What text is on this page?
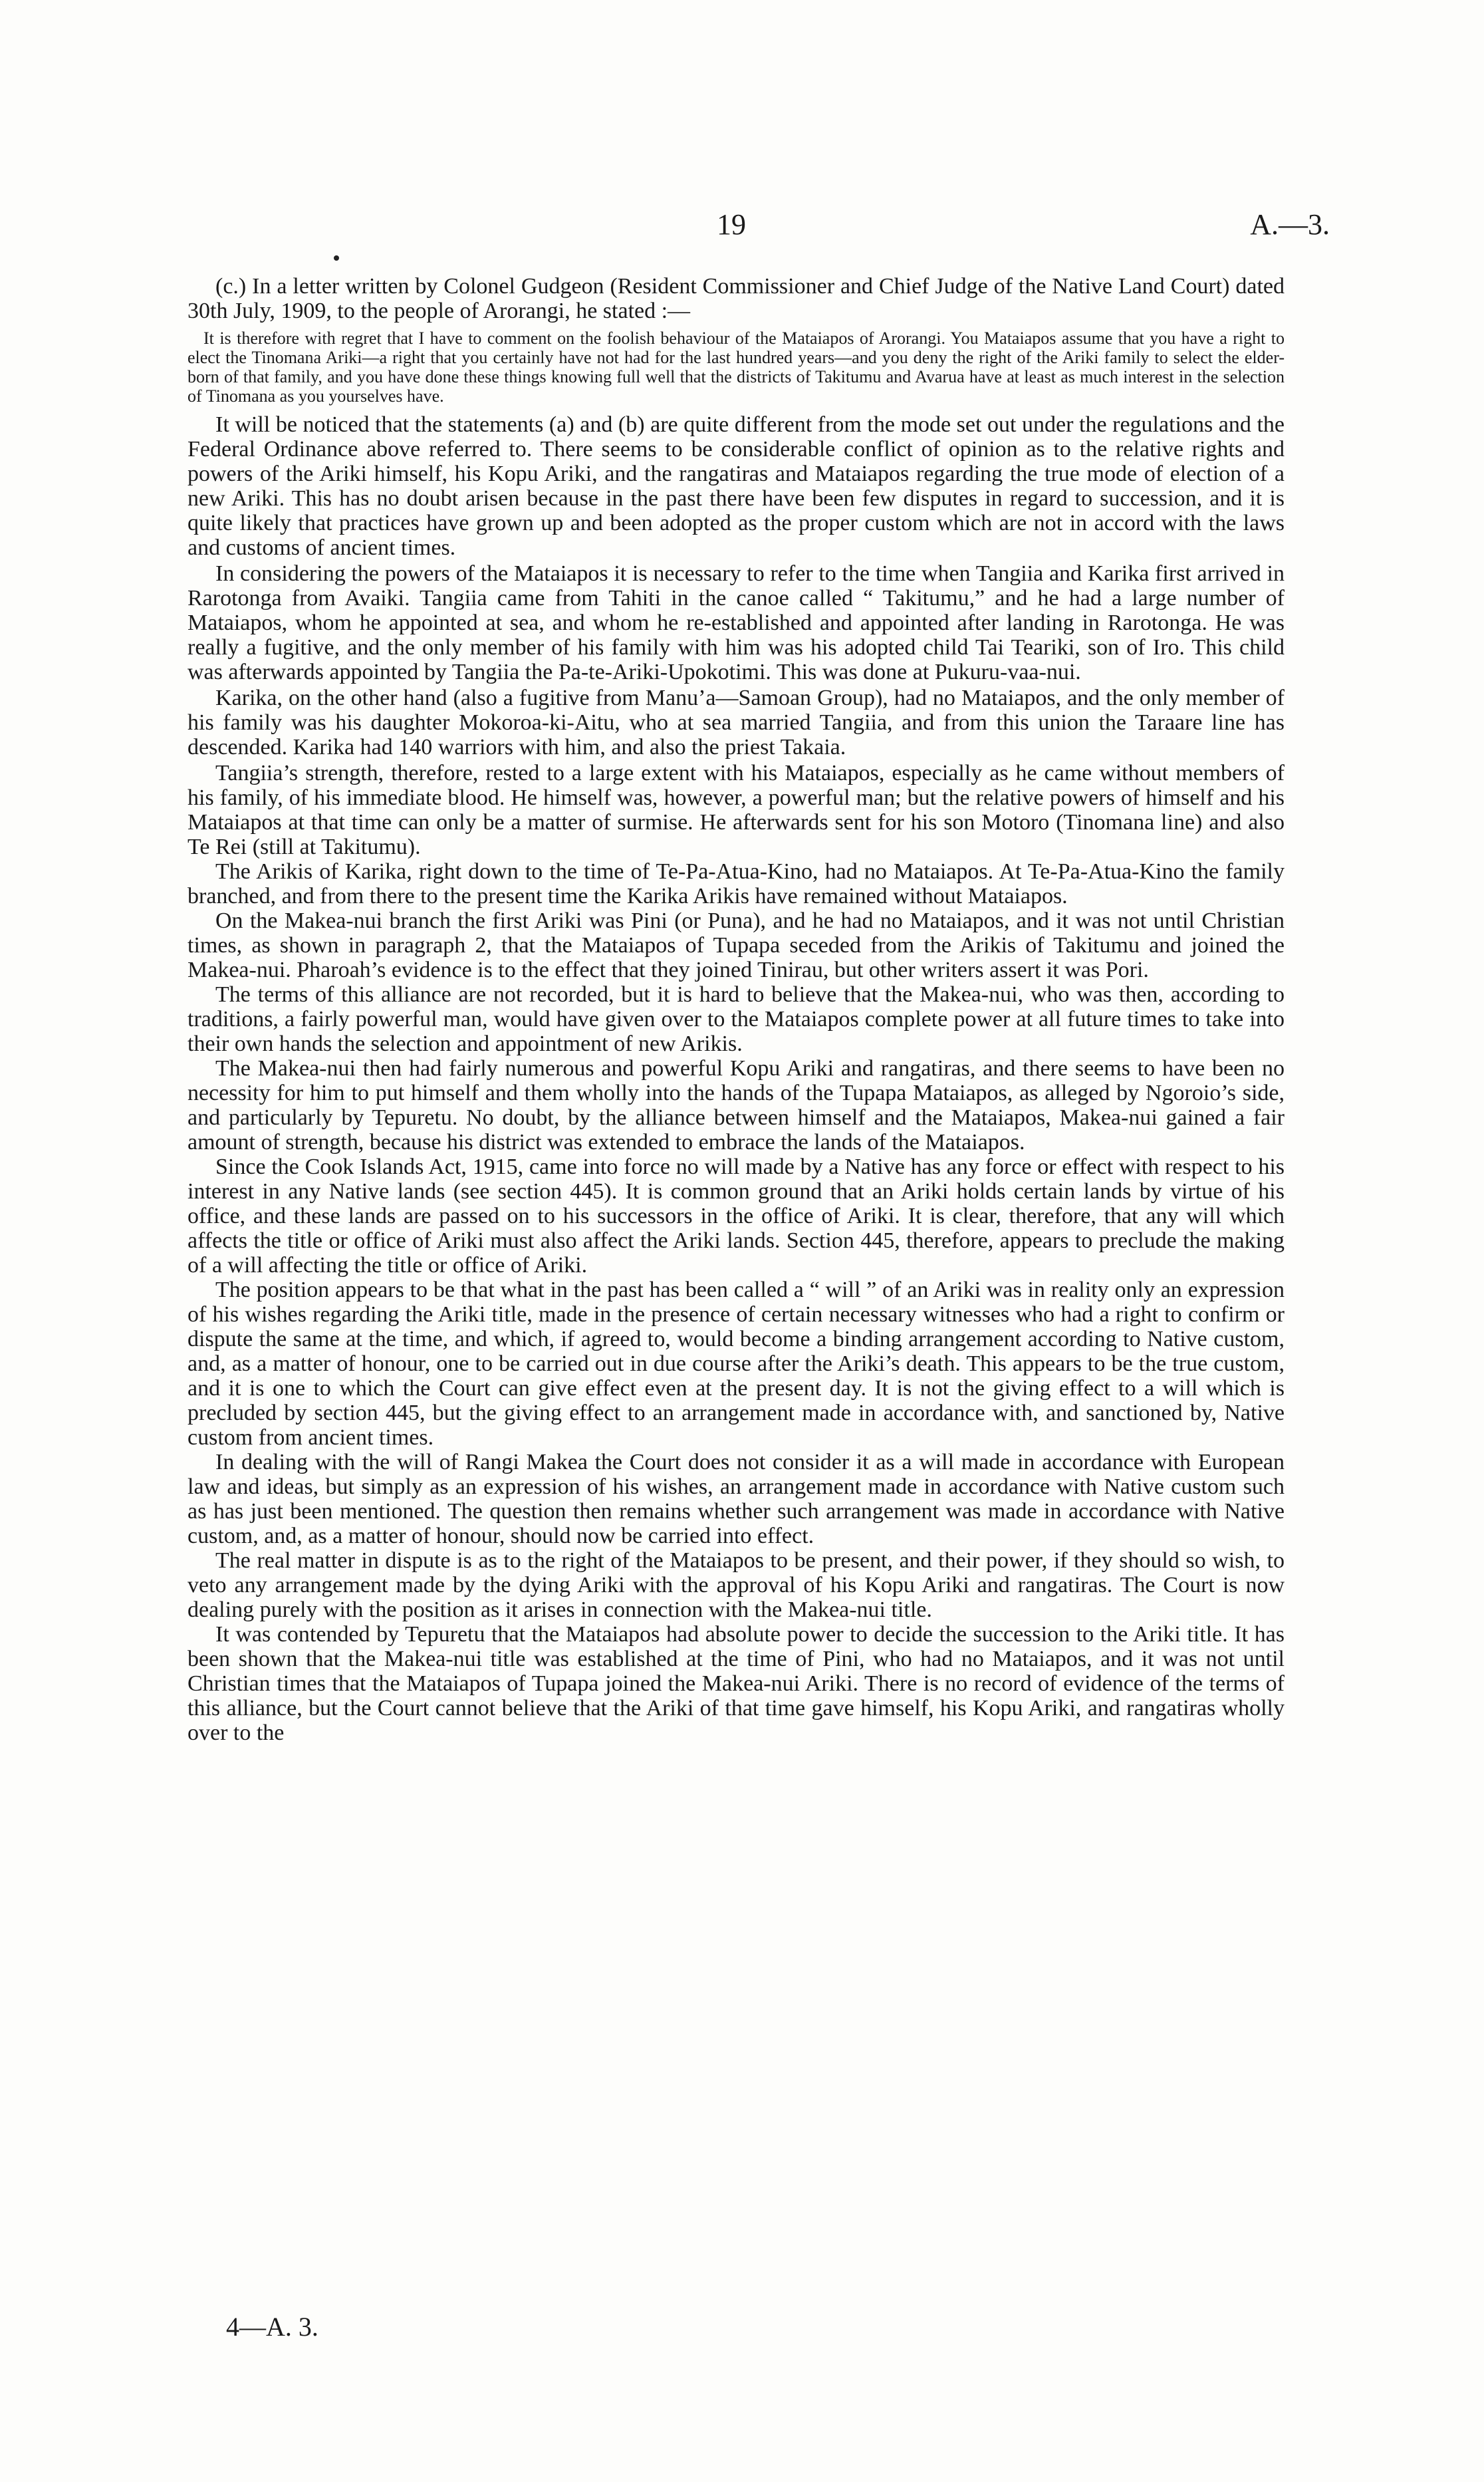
19	A.—3.

(c.) In a letter written by Colonel Gudgeon (Resident Commissioner and Chief Judge of the Native Land Court) dated 30th July, 1909, to the people of Arorangi, he stated :—

It is therefore with regret that I have to comment on the foolish behaviour of the Mataiapos of Arorangi. You Mataiapos assume that you have a right to elect the Tinomana Ariki—a right that you certainly have not had for the last hundred years—and you deny the right of the Ariki family to select the elder-born of that family, and you have done these things knowing full well that the districts of Takitumu and Avarua have at least as much interest in the selection of Tinomana as you yourselves have.

It will be noticed that the statements (a) and (b) are quite different from the mode set out under the regulations and the Federal Ordinance above referred to. There seems to be considerable conflict of opinion as to the relative rights and powers of the Ariki himself, his Kopu Ariki, and the rangatiras and Mataiapos regarding the true mode of election of a new Ariki. This has no doubt arisen because in the past there have been few disputes in regard to succession, and it is quite likely that practices have grown up and been adopted as the proper custom which are not in accord with the laws and customs of ancient times.

In considering the powers of the Mataiapos it is necessary to refer to the time when Tangiia and Karika first arrived in Rarotonga from Avaiki. Tangiia came from Tahiti in the canoe called “ Takitumu,” and he had a large number of Mataiapos, whom he appointed at sea, and whom he re-established and appointed after landing in Rarotonga. He was really a fugitive, and the only member of his family with him was his adopted child Tai Teariki, son of Iro. This child was afterwards appointed by Tangiia the Pa-te-Ariki-Upokotimi. This was done at Pukuru-vaa-nui.

Karika, on the other hand (also a fugitive from Manu’a—Samoan Group), had no Mataiapos, and the only member of his family was his daughter Mokoroa-ki-Aitu, who at sea married Tangiia, and from this union the Taraare line has descended. Karika had 140 warriors with him, and also the priest Takaia.

Tangiia’s strength, therefore, rested to a large extent with his Mataiapos, especially as he came without members of his family, of his immediate blood. He himself was, however, a powerful man; but the relative powers of himself and his Mataiapos at that time can only be a matter of surmise. He afterwards sent for his son Motoro (Tinomana line) and also Te Rei (still at Takitumu).

The Arikis of Karika, right down to the time of Te-Pa-Atua-Kino, had no Mataiapos. At Te-Pa-Atua-Kino the family branched, and from there to the present time the Karika Arikis have remained without Mataiapos.

On the Makea-nui branch the first Ariki was Pini (or Puna), and he had no Mataiapos, and it was not until Christian times, as shown in paragraph 2, that the Mataiapos of Tupapa seceded from the Arikis of Takitumu and joined the Makea-nui. Pharoah’s evidence is to the effect that they joined Tinirau, but other writers assert it was Pori.

The terms of this alliance are not recorded, but it is hard to believe that the Makea-nui, who was then, according to traditions, a fairly powerful man, would have given over to the Mataiapos complete power at all future times to take into their own hands the selection and appointment of new Arikis.

The Makea-nui then had fairly numerous and powerful Kopu Ariki and rangatiras, and there seems to have been no necessity for him to put himself and them wholly into the hands of the Tupapa Mataiapos, as alleged by Ngoroio’s side, and particularly by Tepuretu. No doubt, by the alliance between himself and the Mataiapos, Makea-nui gained a fair amount of strength, because his district was extended to embrace the lands of the Mataiapos.

Since the Cook Islands Act, 1915, came into force no will made by a Native has any force or effect with respect to his interest in any Native lands (see section 445). It is common ground that an Ariki holds certain lands by virtue of his office, and these lands are passed on to his successors in the office of Ariki. It is clear, therefore, that any will which affects the title or office of Ariki must also affect the Ariki lands. Section 445, therefore, appears to preclude the making of a will affecting the title or office of Ariki.

The position appears to be that what in the past has been called a “ will ” of an Ariki was in reality only an expression of his wishes regarding the Ariki title, made in the presence of certain necessary witnesses who had a right to confirm or dispute the same at the time, and which, if agreed to, would become a binding arrangement according to Native custom, and, as a matter of honour, one to be carried out in due course after the Ariki’s death. This appears to be the true custom, and it is one to which the Court can give effect even at the present day. It is not the giving effect to a will which is precluded by section 445, but the giving effect to an arrangement made in accordance with, and sanctioned by, Native custom from ancient times.

In dealing with the will of Rangi Makea the Court does not consider it as a will made in accordance with European law and ideas, but simply as an expression of his wishes, an arrangement made in accordance with Native custom such as has just been mentioned. The question then remains whether such arrangement was made in accordance with Native custom, and, as a matter of honour, should now be carried into effect.

The real matter in dispute is as to the right of the Mataiapos to be present, and their power, if they should so wish, to veto any arrangement made by the dying Ariki with the approval of his Kopu Ariki and rangatiras. The Court is now dealing purely with the position as it arises in connection with the Makea-nui title.

It was contended by Tepuretu that the Mataiapos had absolute power to decide the succession to the Ariki title. It has been shown that the Makea-nui title was established at the time of Pini, who had no Mataiapos, and it was not until Christian times that the Mataiapos of Tupapa joined the Makea-nui Ariki. There is no record of evidence of the terms of this alliance, but the Court cannot believe that the Ariki of that time gave himself, his Kopu Ariki, and rangatiras wholly over to the

4—A. 3.
